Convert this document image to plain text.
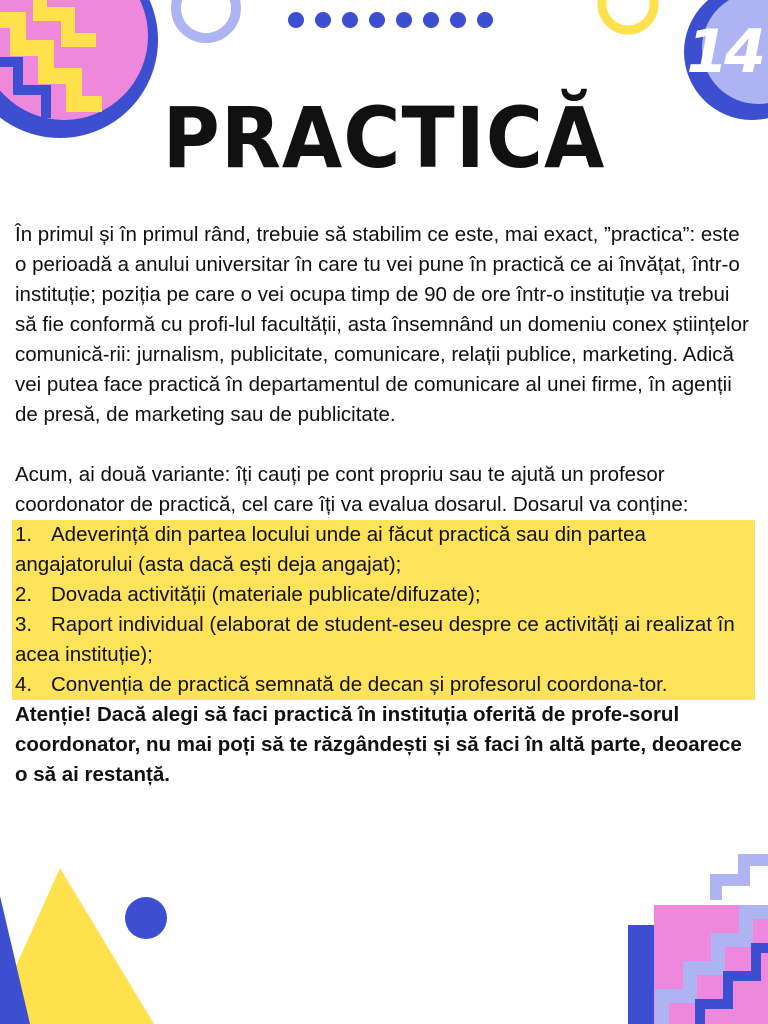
14
PRACTICĂ

În primul și în primul rând, trebuie să stabilim ce este, mai exact, ”practica”: este o perioadă a anului universitar în care tu vei pune în practică ce ai învățat, într-o instituție; poziția pe care o vei ocupa timp de 90 de ore într-o instituție va trebui să fie conformă cu profi-lul facultății, asta însemnând un domeniu conex științelor comunică-rii: jurnalism, publicitate, comunicare, relații publice, marketing. Adică vei putea face practică în departamentul de comunicare al unei firme, în agenții de presă, de marketing sau de publicitate.

Acum, ai două variante: îți cauți pe cont propriu sau te ajută un profesor coordonator de practică, cel care îți va evalua dosarul. Dosarul va conține:

1. Adeverință din partea locului unde ai făcut practică sau din partea angajatorului (asta dacă ești deja angajat);

2. Dovada activității (materiale publicate/difuzate);

3. Raport individual (elaborat de student-eseu despre ce activități ai realizat în acea instituție);

4. Convenția de practică semnată de decan și profesorul coordona-tor.

Atenție! Dacă alegi să faci practică în instituția oferită de profe-sorul coordonator, nu mai poți să te răzgândești și să faci în altă parte, deoarece o să ai restanță.
